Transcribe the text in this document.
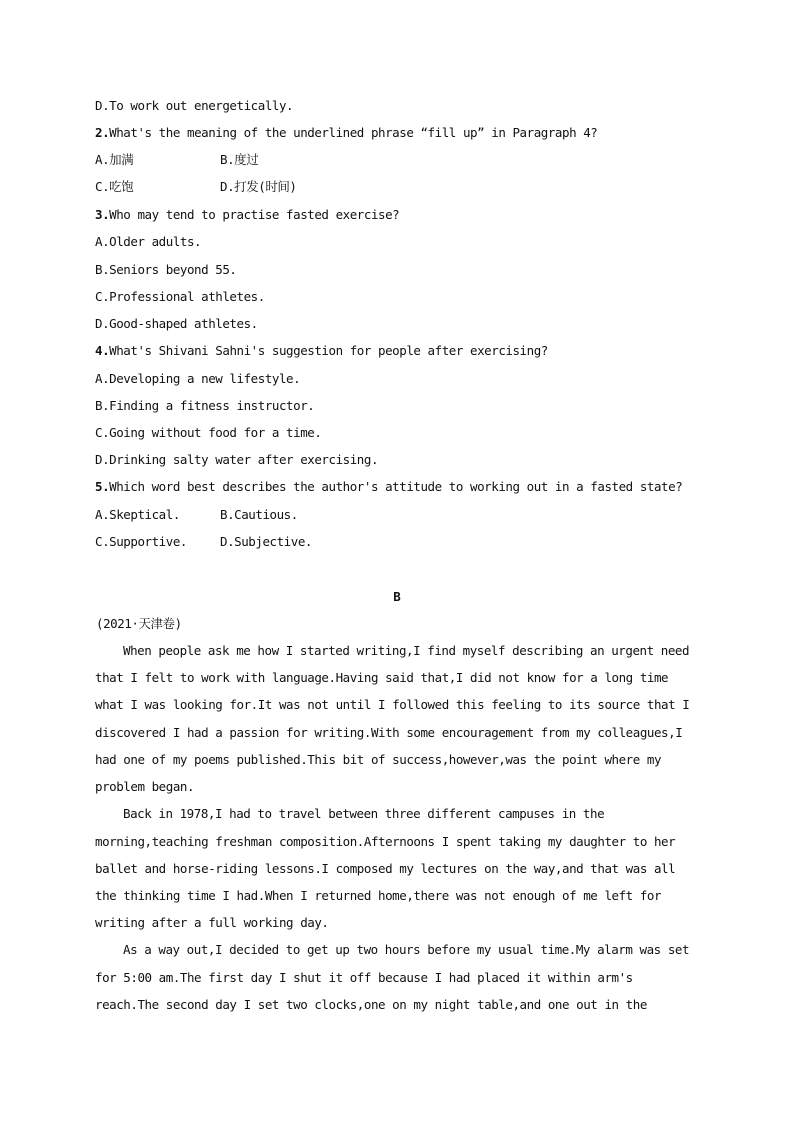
D.To work out energetically.
2.What's the meaning of the underlined phrase “fill up” in Paragraph 4?
A.加满	B.度过
C.吃饱	D.打发(时间)
3.Who may tend to practise fasted exercise?
A.Older adults.
B.Seniors beyond 55.
C.Professional athletes.
D.Good-shaped athletes.
4.What's Shivani Sahni's suggestion for people after exercising?
A.Developing a new lifestyle.
B.Finding a fitness instructor.
C.Going without food for a time.
D.Drinking salty water after exercising.
5.Which word best describes the author's attitude to working out in a fasted state?
A.Skeptical.	B.Cautious.
C.Supportive.	D.Subjective.
B
(2021·天津卷)
When people ask me how I started writing,I find myself describing an urgent need
that I felt to work with language.Having said that,I did not know for a long time
what I was looking for.It was not until I followed this feeling to its source that I
discovered I had a passion for writing.With some encouragement from my colleagues,I
had one of my poems published.This bit of success,however,was the point where my
problem began.
Back in 1978,I had to travel between three different campuses in the
morning,teaching freshman composition.Afternoons I spent taking my daughter to her
ballet and horse-riding lessons.I composed my lectures on the way,and that was all
the thinking time I had.When I returned home,there was not enough of me left for
writing after a full working day.
As a way out,I decided to get up two hours before my usual time.My alarm was set
for 5:00 am.The first day I shut it off because I had placed it within arm's
reach.The second day I set two clocks,one on my night table,and one out in the
